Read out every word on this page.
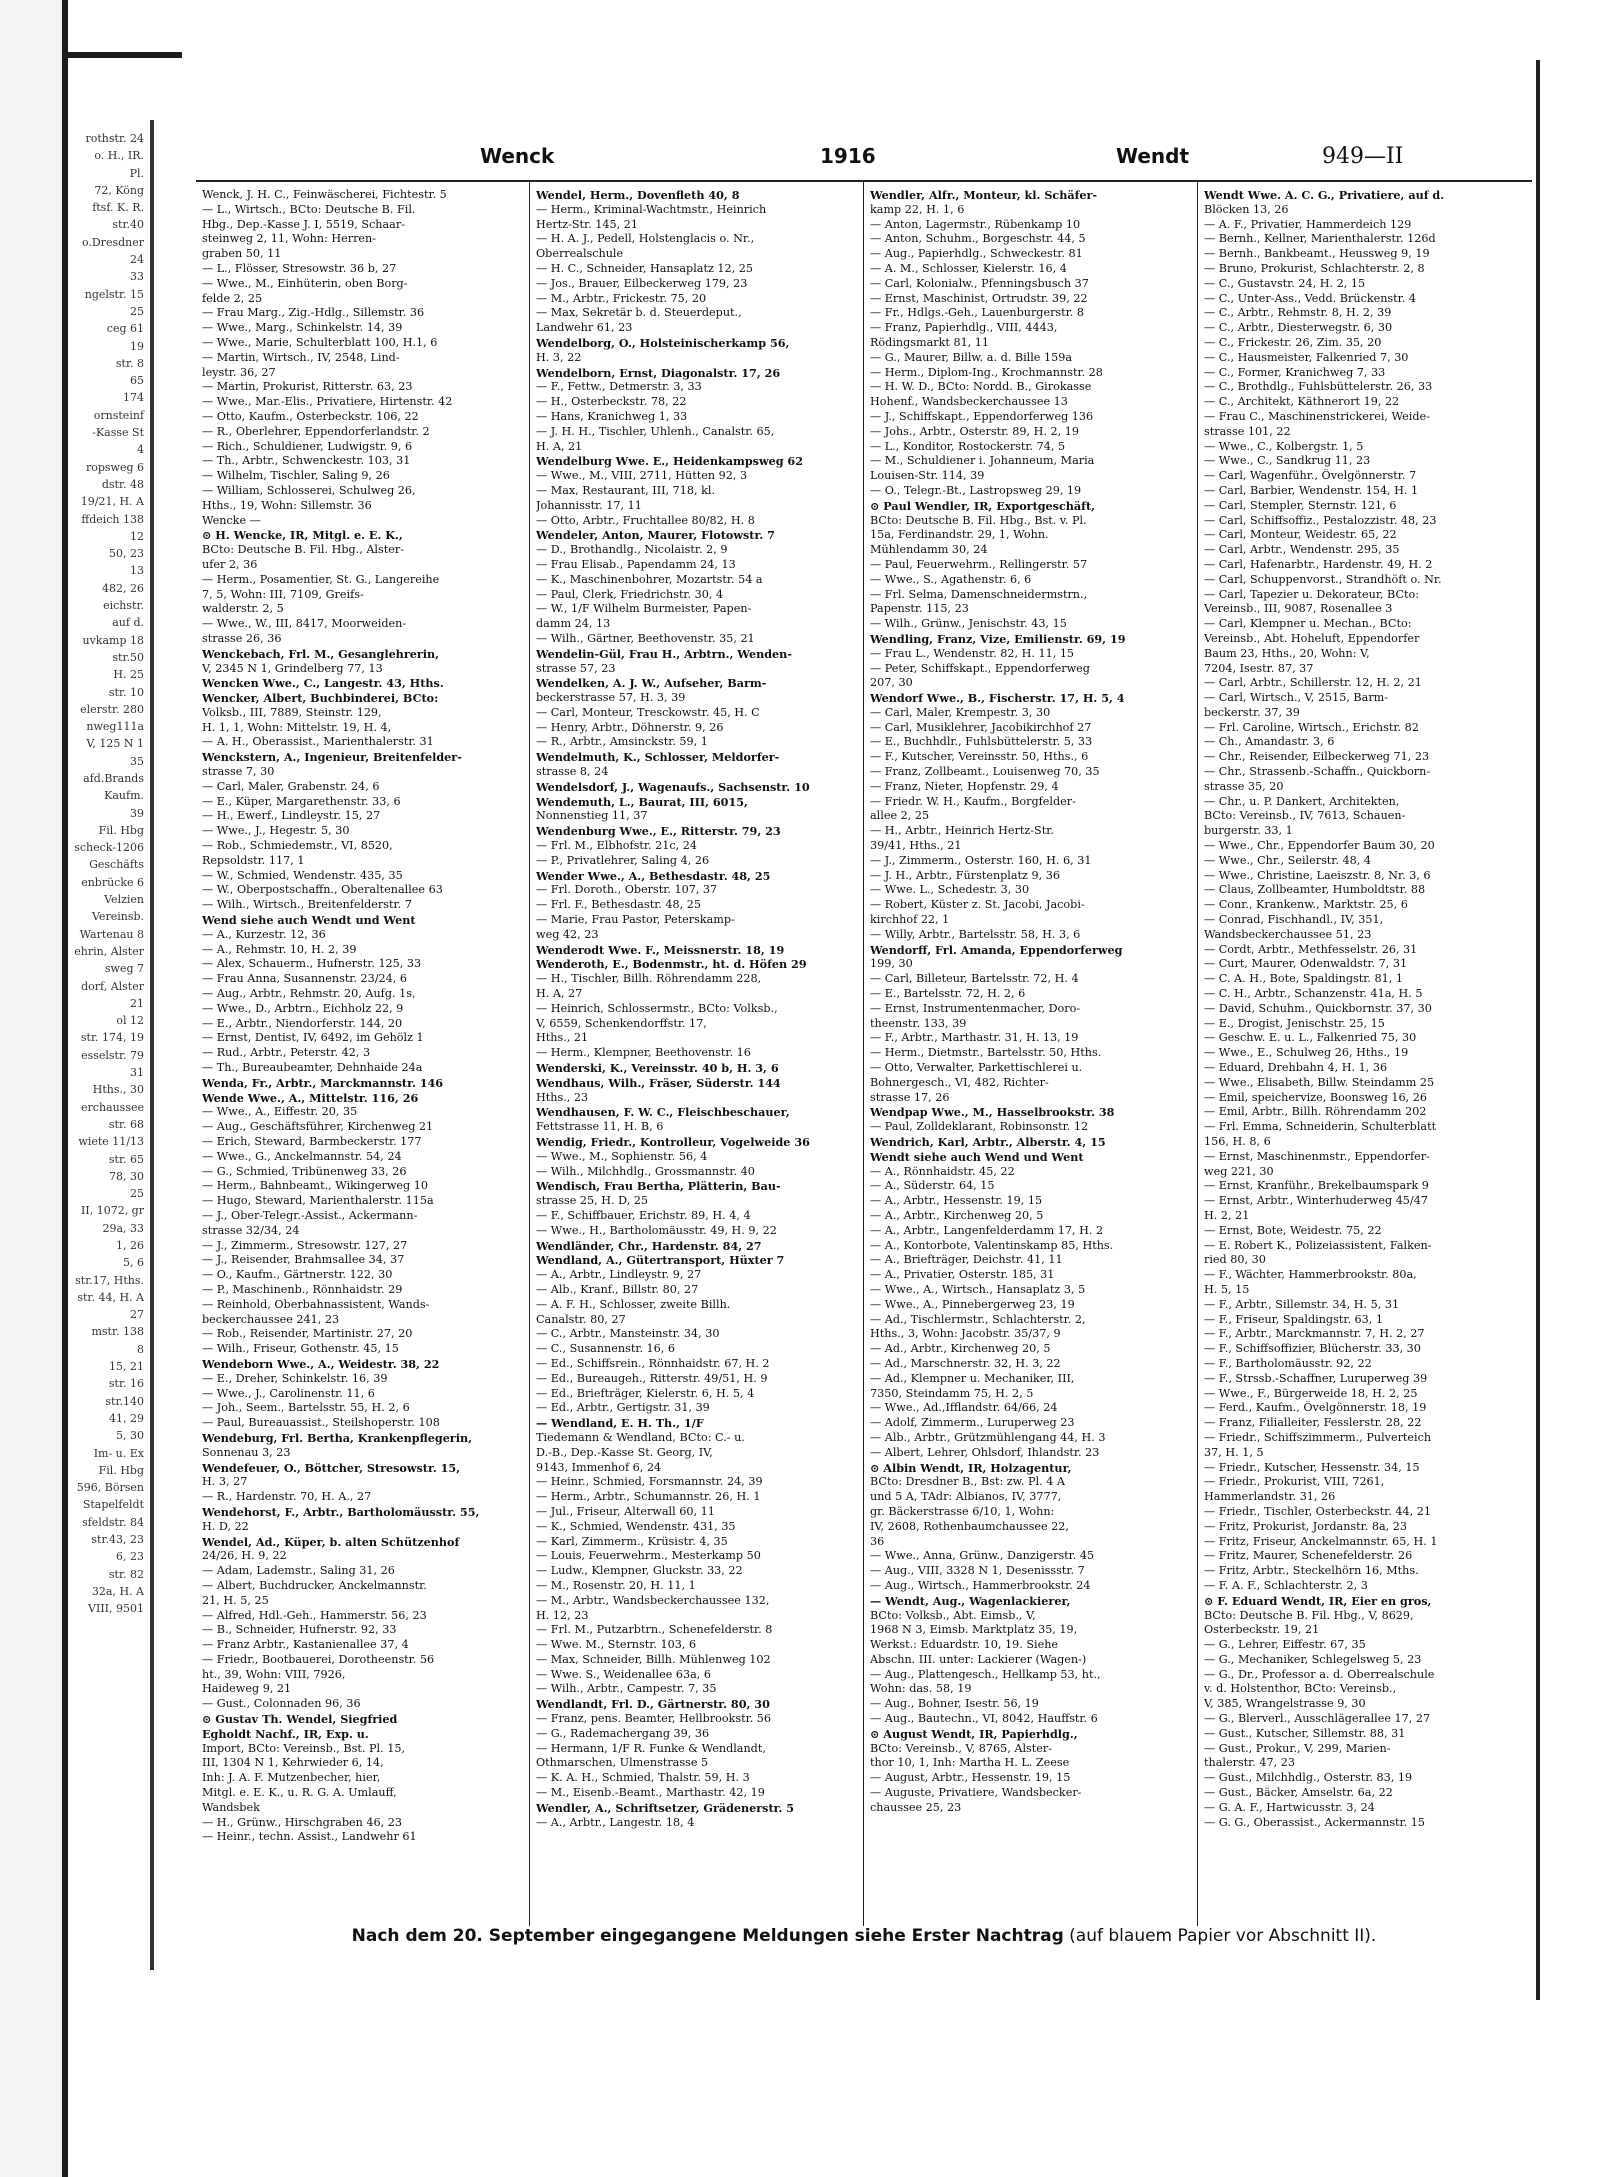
rothstr. 24
o. H., IR.
Pl.
72, Köng
ftsf. K. R.
str.40
o.Dresdner
24
33
ngelstr. 15
25
ceg 61
19
str. 8
65
174
ornsteinf
-Kasse St
4
ropsweg 6
dstr. 48
19/21, H. A
ffdeich 138
12
50, 23
13
482, 26
eichstr.
auf d.
uvkamp 18
str.50
H. 25
str. 10
elerstr. 280
nweg111a
V, 125 N 1
35
afd.Brands
Kaufm.
39
Fil. Hbg
scheck-1206
Geschäfts
enbrücke 6
Velzien
Vereinsb.
Wartenau 8
ehrin, Alster
sweg 7
dorf, Alster
21
ol 12
str. 174, 19
esselstr. 79
31
Hths., 30
erchaussee
str. 68
wiete 11/13
str. 65
78, 30
25
II, 1072, gr
29a, 33
1, 26
5, 6
str.17, Hths.
str. 44, H. A
27
mstr. 138
8
15, 21
str. 16
str.140
41, 29
5, 30
Im- u. Ex
Fil. Hbg
596, Börsen
Stapelfeldt
sfeldstr. 84
str.43, 23
6, 23
str. 82
32a, H. A
VIII, 9501
Wenck	1916	Wendt	949—II
Wenck, J. H. C., Feinwäscherei, Fichtestr. 5
— L., Wirtsch., BCto: Deutsche B. Fil.
Hbg., Dep.-Kasse J. I, 5519, Schaar-
steinweg 2, 11, Wohn: Herren-
graben 50, 11
— L., Flösser, Stresowstr. 36 b, 27
— Wwe., M., Einhüterin, oben Borg-
felde 2, 25
— Frau Marg., Zig.-Hdlg., Sillemstr. 36
— Wwe., Marg., Schinkelstr. 14, 39
— Wwe., Marie, Schulterblatt 100, H.1, 6
— Martin, Wirtsch., IV, 2548, Lind-
leystr. 36, 27
— Martin, Prokurist, Ritterstr. 63, 23
— Wwe., Mar.-Elis., Privatiere, Hirtenstr. 42
— Otto, Kaufm., Osterbeckstr. 106, 22
— R., Oberlehrer, Eppendorferlandstr. 2
— Rich., Schuldiener, Ludwigstr. 9, 6
— Th., Arbtr., Schwenckestr. 103, 31
— Wilhelm, Tischler, Saling 9, 26
— William, Schlosserei, Schulweg 26,
Hths., 19, Wohn: Sillemstr. 36
Wencke —
⊙ H. Wencke, IR, Mitgl. e. E. K.,
BCto: Deutsche B. Fil. Hbg., Alster-
ufer 2, 36
— Herm., Posamentier, St. G., Langereihe
7, 5, Wohn: III, 7109, Greifs-
walderstr. 2, 5
— Wwe., W., III, 8417, Moorweiden-
strasse 26, 36
Wenckebach, Frl. M., Gesanglehrerin,
V, 2345 N 1, Grindelberg 77, 13
Wencken Wwe., C., Langestr. 43, Hths.
Wencker, Albert, Buchbinderei, BCto:
Volksb., III, 7889, Steinstr. 129,
H. 1, 1, Wohn: Mittelstr. 19, H. 4,
— A. H., Oberassist., Marienthalerstr. 31
Wenckstern, A., Ingenieur, Breitenfelder-
strasse 7, 30
— Carl, Maler, Grabenstr. 24, 6
— E., Küper, Margarethenstr. 33, 6
— H., Ewerf., Lindleystr. 15, 27
— Wwe., J., Hegestr. 5, 30
— Rob., Schmiedemstr., VI, 8520,
Repsoldstr. 117, 1
— W., Schmied, Wendenstr. 435, 35
— W., Oberpostschaffn., Oberaltenallee 63
— Wilh., Wirtsch., Breitenfelderstr. 7
Wend siehe auch Wendt und Went
— A., Kurzestr. 12, 36
— A., Rehmstr. 10, H. 2, 39
— Alex, Schauerm., Hufnerstr. 125, 33
— Frau Anna, Susannenstr. 23/24, 6
— Aug., Arbtr., Rehmstr. 20, Aufg. 1s,
— Wwe., D., Arbtrn., Eichholz 22, 9
— E., Arbtr., Niendorferstr. 144, 20
— Ernst, Dentist, IV, 6492, im Gehölz 1
— Rud., Arbtr., Peterstr. 42, 3
— Th., Bureaubeamter, Dehnhaide 24a
Wenda, Fr., Arbtr., Marckmannstr. 146
Wende Wwe., A., Mittelstr. 116, 26
— Wwe., A., Eiffestr. 20, 35
— Aug., Geschäftsführer, Kirchenweg 21
— Erich, Steward, Barmbeckerstr. 177
— Wwe., G., Anckelmannstr. 54, 24
— G., Schmied, Tribünenweg 33, 26
— Herm., Bahnbeamt., Wikingerweg 10
— Hugo, Steward, Marienthalerstr. 115a
— J., Ober-Telegr.-Assist., Ackermann-
strasse 32/34, 24
— J., Zimmerm., Stresowstr. 127, 27
— J., Reisender, Brahmsallee 34, 37
— O., Kaufm., Gärtnerstr. 122, 30
— P., Maschinenb., Rönnhaidstr. 29
— Reinhold, Oberbahnassistent, Wands-
beckerchaussee 241, 23
— Rob., Reisender, Martinistr. 27, 20
— Wilh., Friseur, Gothenstr. 45, 15
Wendeborn Wwe., A., Weidestr. 38, 22
— E., Dreher, Schinkelstr. 16, 39
— Wwe., J., Carolinenstr. 11, 6
— Joh., Seem., Bartelsstr. 55, H. 2, 6
— Paul, Bureauassist., Steilshoperstr. 108
Wendeburg, Frl. Bertha, Krankenpflegerin,
Sonnenau 3, 23
Wendefeuer, O., Böttcher, Stresowstr. 15,
H. 3, 27
— R., Hardenstr. 70, H. A., 27
Wendehorst, F., Arbtr., Bartholomäusstr. 55,
H. D, 22
Wendel, Ad., Küper, b. alten Schützenhof
24/26, H. 9, 22
— Adam, Lademstr., Saling 31, 26
— Albert, Buchdrucker, Anckelmannstr.
21, H. 5, 25
— Alfred, Hdl.-Geh., Hammerstr. 56, 23
— B., Schneider, Hufnerstr. 92, 33
— Franz Arbtr., Kastanienallee 37, 4
— Friedr., Bootbauerei, Dorotheenstr. 56
ht., 39, Wohn: VIII, 7926,
Haideweg 9, 21
— Gust., Colonnaden 96, 36
⊙ Gustav Th. Wendel, Siegfried
Egholdt Nachf., IR, Exp. u.
Import, BCto: Vereinsb., Bst. Pl. 15,
III, 1304 N 1, Kehrwieder 6, 14,
Inh: J. A. F. Mutzenbecher, hier,
Mitgl. e. E. K., u. R. G. A. Umlauff,
Wandsbek
— H., Grünw., Hirschgraben 46, 23
— Heinr., techn. Assist., Landwehr 61
Wendel, Herm., Dovenfleth 40, 8
— Herm., Kriminal-Wachtmstr., Heinrich
Hertz-Str. 145, 21
— H. A. J., Pedell, Holstenglacis o. Nr.,
Oberrealschule
— H. C., Schneider, Hansaplatz 12, 25
— Jos., Brauer, Eilbeckerweg 179, 23
— M., Arbtr., Frickestr. 75, 20
— Max, Sekretär b. d. Steuerdeput.,
Landwehr 61, 23
Wendelborg, O., Holsteinischerkamp 56,
H. 3, 22
Wendelborn, Ernst, Diagonalstr. 17, 26
— F., Fettw., Detmerstr. 3, 33
— H., Osterbeckstr. 78, 22
— Hans, Kranichweg 1, 33
— J. H. H., Tischler, Uhlenh., Canalstr. 65,
H. A, 21
Wendelburg Wwe. E., Heidenkampsweg 62
— Wwe., M., VIII, 2711, Hütten 92, 3
— Max, Restaurant, III, 718, kl.
Johannisstr. 17, 11
— Otto, Arbtr., Fruchtallee 80/82, H. 8
Wendeler, Anton, Maurer, Flotowstr. 7
— D., Brothandlg., Nicolaistr. 2, 9
— Frau Elisab., Papendamm 24, 13
— K., Maschinenbohrer, Mozartstr. 54 a
— Paul, Clerk, Friedrichstr. 30, 4
— W., 1/F Wilhelm Burmeister, Papen-
damm 24, 13
— Wilh., Gärtner, Beethovenstr. 35, 21
Wendelin-Gül, Frau H., Arbtrn., Wenden-
strasse 57, 23
Wendelken, A. J. W., Aufseher, Barm-
beckerstrasse 57, H. 3, 39
— Carl, Monteur, Tresckowstr. 45, H. C
— Henry, Arbtr., Döhnerstr. 9, 26
— R., Arbtr., Amsinckstr. 59, 1
Wendelmuth, K., Schlosser, Meldorfer-
strasse 8, 24
Wendelsdorf, J., Wagenaufs., Sachsenstr. 10
Wendemuth, L., Baurat, III, 6015,
Nonnenstieg 11, 37
Wendenburg Wwe., E., Ritterstr. 79, 23
— Frl. M., Elbhofstr. 21c, 24
— P., Privatlehrer, Saling 4, 26
Wender Wwe., A., Bethesdastr. 48, 25
— Frl. Doroth., Oberstr. 107, 37
— Frl. F., Bethesdastr. 48, 25
— Marie, Frau Pastor, Peterskamp-
weg 42, 23
Wenderodt Wwe. F., Meissnerstr. 18, 19
Wenderoth, E., Bodenmstr., ht. d. Höfen 29
— H., Tischler, Billh. Röhrendamm 228,
H. A, 27
— Heinrich, Schlossermstr., BCto: Volksb.,
V, 6559, Schenkendorffstr. 17,
Hths., 21
— Herm., Klempner, Beethovenstr. 16
Wenderski, K., Vereinsstr. 40 b, H. 3, 6
Wendhaus, Wilh., Fräser, Süderstr. 144
Hths., 23
Wendhausen, F. W. C., Fleischbeschauer,
Fettstrasse 11, H. B, 6
Wendig, Friedr., Kontrolleur, Vogelweide 36
— Wwe., M., Sophienstr. 56, 4
— Wilh., Milchhdlg., Grossmannstr. 40
Wendisch, Frau Bertha, Plätterin, Bau-
strasse 25, H. D, 25
— F., Schiffbauer, Erichstr. 89, H. 4, 4
— Wwe., H., Bartholomäusstr. 49, H. 9, 22
Wendländer, Chr., Hardenstr. 84, 27
Wendland, A., Gütertransport, Hüxter 7
— A., Arbtr., Lindleystr. 9, 27
— Alb., Kranf., Billstr. 80, 27
— A. F. H., Schlosser, zweite Billh.
Canalstr. 80, 27
— C., Arbtr., Mansteinstr. 34, 30
— C., Susannenstr. 16, 6
— Ed., Schiffsrein., Rönnhaidstr. 67, H. 2
— Ed., Bureaugeh., Ritterstr. 49/51, H. 9
— Ed., Briefträger, Kielerstr. 6, H. 5, 4
— Ed., Arbtr., Gertigstr. 31, 39
— Wendland, E. H. Th., 1/F
Tiedemann & Wendland, BCto: C.- u.
D.-B., Dep.-Kasse St. Georg, IV,
9143, Immenhof 6, 24
— Heinr., Schmied, Forsmannstr. 24, 39
— Herm., Arbtr., Schumannstr. 26, H. 1
— Jul., Friseur, Alterwall 60, 11
— K., Schmied, Wendenstr. 431, 35
— Karl, Zimmerm., Krüsistr. 4, 35
— Louis, Feuerwehrm., Mesterkamp 50
— Ludw., Klempner, Gluckstr. 33, 22
— M., Rosenstr. 20, H. 11, 1
— M., Arbtr., Wandsbeckerchaussee 132,
H. 12, 23
— Frl. M., Putzarbtrn., Schenefelderstr. 8
— Wwe. M., Sternstr. 103, 6
— Max, Schneider, Billh. Mühlenweg 102
— Wwe. S., Weidenallee 63a, 6
— Wilh., Arbtr., Campestr. 7, 35
Wendlandt, Frl. D., Gärtnerstr. 80, 30
— Franz, pens. Beamter, Hellbrookstr. 56
— G., Rademachergang 39, 36
— Hermann, 1/F R. Funke & Wendlandt,
Othmarschen, Ulmenstrasse 5
— K. A. H., Schmied, Thalstr. 59, H. 3
— M., Eisenb.-Beamt., Marthastr. 42, 19
Wendler, A., Schriftsetzer, Grädenerstr. 5
— A., Arbtr., Langestr. 18, 4
Wendler, Alfr., Monteur, kl. Schäfer-
kamp 22, H. 1, 6
— Anton, Lagermstr., Rübenkamp 10
— Anton, Schuhm., Borgeschstr. 44, 5
— Aug., Papierhdlg., Schweckestr. 81
— A. M., Schlosser, Kielerstr. 16, 4
— Carl, Kolonialw., Pfenningsbusch 37
— Ernst, Maschinist, Ortrudstr. 39, 22
— Fr., Hdlgs.-Geh., Lauenburgerstr. 8
— Franz, Papierhdlg., VIII, 4443,
Rödingsmarkt 81, 11
— G., Maurer, Billw. a. d. Bille 159a
— Herm., Diplom-Ing., Krochmannstr. 28
— H. W. D., BCto: Nordd. B., Girokasse
Hohenf., Wandsbeckerchaussee 13
— J., Schiffskapt., Eppendorferweg 136
— Johs., Arbtr., Osterstr. 89, H. 2, 19
— L., Konditor, Rostockerstr. 74, 5
— M., Schuldiener i. Johanneum, Maria
Louisen-Str. 114, 39
— O., Telegr.-Bt., Lastropsweg 29, 19
⊙ Paul Wendler, IR, Exportgeschäft,
BCto: Deutsche B. Fil. Hbg., Bst. v. Pl.
15a, Ferdinandstr. 29, 1, Wohn.
Mühlendamm 30, 24
— Paul, Feuerwehrm., Rellingerstr. 57
— Wwe., S., Agathenstr. 6, 6
— Frl. Selma, Damenschneidermstrn.,
Papenstr. 115, 23
— Wilh., Grünw., Jenischstr. 43, 15
Wendling, Franz, Vize, Emilienstr. 69, 19
— Frau L., Wendenstr. 82, H. 11, 15
— Peter, Schiffskapt., Eppendorferweg
207, 30
Wendorf Wwe., B., Fischerstr. 17, H. 5, 4
— Carl, Maler, Krempestr. 3, 30
— Carl, Musiklehrer, Jacobikirchhof 27
— E., Buchhdlr., Fuhlsbüttelerstr. 5, 33
— F., Kutscher, Vereinsstr. 50, Hths., 6
— Franz, Zollbeamt., Louisenweg 70, 35
— Franz, Nieter, Hopfenstr. 29, 4
— Friedr. W. H., Kaufm., Borgfelder-
allee 2, 25
— H., Arbtr., Heinrich Hertz-Str.
39/41, Hths., 21
— J., Zimmerm., Osterstr. 160, H. 6, 31
— J. H., Arbtr., Fürstenplatz 9, 36
— Wwe. L., Schedestr. 3, 30
— Robert, Küster z. St. Jacobi, Jacobi-
kirchhof 22, 1
— Willy, Arbtr., Bartelsstr. 58, H. 3, 6
Wendorff, Frl. Amanda, Eppendorferweg
199, 30
— Carl, Billeteur, Bartelsstr. 72, H. 4
— E., Bartelsstr. 72, H. 2, 6
— Ernst, Instrumentenmacher, Doro-
theenstr. 133, 39
— F., Arbtr., Marthastr. 31, H. 13, 19
— Herm., Dietmstr., Bartelsstr. 50, Hths.
— Otto, Verwalter, Parkettischlerei u.
Bohnergesch., VI, 482, Richter-
strasse 17, 26
Wendpap Wwe., M., Hasselbrookstr. 38
— Paul, Zolldeklarant, Robinsonstr. 12
Wendrich, Karl, Arbtr., Alberstr. 4, 15
Wendt siehe auch Wend und Went
— A., Rönnhaidstr. 45, 22
— A., Süderstr. 64, 15
— A., Arbtr., Hessenstr. 19, 15
— A., Arbtr., Kirchenweg 20, 5
— A., Arbtr., Langenfelderdamm 17, H. 2
— A., Kontorbote, Valentinskamp 85, Hths.
— A., Briefträger, Deichstr. 41, 11
— A., Privatier, Osterstr. 185, 31
— Wwe., A., Wirtsch., Hansaplatz 3, 5
— Wwe., A., Pinnebergerweg 23, 19
— Ad., Tischlermstr., Schlachterstr. 2,
Hths., 3, Wohn: Jacobstr. 35/37, 9
— Ad., Arbtr., Kirchenweg 20, 5
— Ad., Marschnerstr. 32, H. 3, 22
— Ad., Klempner u. Mechaniker, III,
7350, Steindamm 75, H. 2, 5
— Wwe., Ad.,Ifflandstr. 64/66, 24
— Adolf, Zimmerm., Luruperweg 23
— Alb., Arbtr., Grützmühlengang 44, H. 3
— Albert, Lehrer, Ohlsdorf, Ihlandstr. 23
⊙ Albin Wendt, IR, Holzagentur,
BCto: Dresdner B., Bst: zw. Pl. 4 A
und 5 A, TAdr: Albianos, IV, 3777,
gr. Bäckerstrasse 6/10, 1, Wohn:
IV, 2608, Rothenbaumchaussee 22,
36
— Wwe., Anna, Grünw., Danzigerstr. 45
— Aug., VIII, 3328 N 1, Desenissstr. 7
— Aug., Wirtsch., Hammerbrookstr. 24
— Wendt, Aug., Wagenlackierer,
BCto: Volksb., Abt. Eimsb., V,
1968 N 3, Eimsb. Marktplatz 35, 19,
Werkst.: Eduardstr. 10, 19. Siehe
Abschn. III. unter: Lackierer (Wagen-)
— Aug., Plattengesch., Hellkamp 53, ht.,
Wohn: das. 58, 19
— Aug., Bohner, Isestr. 56, 19
— Aug., Bautechn., VI, 8042, Hauffstr. 6
⊙ August Wendt, IR, Papierhdlg.,
BCto: Vereinsb., V, 8765, Alster-
thor 10, 1, Inh: Martha H. L. Zeese
— August, Arbtr., Hessenstr. 19, 15
— Auguste, Privatiere, Wandsbecker-
chaussee 25, 23
Wendt Wwe. A. C. G., Privatiere, auf d.
Blöcken 13, 26
— A. F., Privatier, Hammerdeich 129
— Bernh., Kellner, Marienthalerstr. 126d
— Bernh., Bankbeamt., Heussweg 9, 19
— Bruno, Prokurist, Schlachterstr. 2, 8
— C., Gustavstr. 24, H. 2, 15
— C., Unter-Ass., Vedd. Brückenstr. 4
— C., Arbtr., Rehmstr. 8, H. 2, 39
— C., Arbtr., Diesterwegstr. 6, 30
— C., Frickestr. 26, Zim. 35, 20
— C., Hausmeister, Falkenried 7, 30
— C., Former, Kranichweg 7, 33
— C., Brothdlg., Fuhlsbüttelerstr. 26, 33
— C., Architekt, Käthnerort 19, 22
— Frau C., Maschinenstrickerei, Weide-
strasse 101, 22
— Wwe., C., Kolbergstr. 1, 5
— Wwe., C., Sandkrug 11, 23
— Carl, Wagenführ., Övelgönnerstr. 7
— Carl, Barbier, Wendenstr. 154, H. 1
— Carl, Stempler, Sternstr. 121, 6
— Carl, Schiffsoffiz., Pestalozzistr. 48, 23
— Carl, Monteur, Weidestr. 65, 22
— Carl, Arbtr., Wendenstr. 295, 35
— Carl, Hafenarbtr., Hardenstr. 49, H. 2
— Carl, Schuppenvorst., Strandhöft o. Nr.
— Carl, Tapezier u. Dekorateur, BCto:
Vereinsb., III, 9087, Rosenallee 3
— Carl, Klempner u. Mechan., BCto:
Vereinsb., Abt. Hoheluft, Eppendorfer
Baum 23, Hths., 20, Wohn: V,
7204, Isestr. 87, 37
— Carl, Arbtr., Schillerstr. 12, H. 2, 21
— Carl, Wirtsch., V, 2515, Barm-
beckerstr. 37, 39
— Frl. Caroline, Wirtsch., Erichstr. 82
— Ch., Amandastr. 3, 6
— Chr., Reisender, Eilbeckerweg 71, 23
— Chr., Strassenb.-Schaffn., Quickborn-
strasse 35, 20
— Chr., u. P. Dankert, Architekten,
BCto: Vereinsb., IV, 7613, Schauen-
burgerstr. 33, 1
— Wwe., Chr., Eppendorfer Baum 30, 20
— Wwe., Chr., Seilerstr. 48, 4
— Wwe., Christine, Laeiszstr. 8, Nr. 3, 6
— Claus, Zollbeamter, Humboldtstr. 88
— Conr., Krankenw., Marktstr. 25, 6
— Conrad, Fischhandl., IV, 351,
Wandsbeckerchaussee 51, 23
— Cordt, Arbtr., Methfesselstr. 26, 31
— Curt, Maurer, Odenwaldstr. 7, 31
— C. A. H., Bote, Spaldingstr. 81, 1
— C. H., Arbtr., Schanzenstr. 41a, H. 5
— David, Schuhm., Quickbornstr. 37, 30
— E., Drogist, Jenischstr. 25, 15
— Geschw. E. u. L., Falkenried 75, 30
— Wwe., E., Schulweg 26, Hths., 19
— Eduard, Drehbahn 4, H. 1, 36
— Wwe., Elisabeth, Billw. Steindamm 25
— Emil, speichervize, Boonsweg 16, 26
— Emil, Arbtr., Billh. Röhrendamm 202
— Frl. Emma, Schneiderin, Schulterblatt
156, H. 8, 6
— Ernst, Maschinenmstr., Eppendorfer-
weg 221, 30
— Ernst, Kranführ., Brekelbaumspark 9
— Ernst, Arbtr., Winterhuderweg 45/47
H. 2, 21
— Ernst, Bote, Weidestr. 75, 22
— E. Robert K., Polizeiassistent, Falken-
ried 80, 30
— F., Wächter, Hammerbrookstr. 80a,
H. 5, 15
— F., Arbtr., Sillemstr. 34, H. 5, 31
— F., Friseur, Spaldingstr. 63, 1
— F., Arbtr., Marckmannstr. 7, H. 2, 27
— F., Schiffsoffizier, Blücherstr. 33, 30
— F., Bartholomäusstr. 92, 22
— F., Strssb.-Schaffner, Luruperweg 39
— Wwe., F., Bürgerweide 18, H. 2, 25
— Ferd., Kaufm., Övelgönnerstr. 18, 19
— Franz, Filialleiter, Fesslerstr. 28, 22
— Friedr., Schiffszimmerm., Pulverteich
37, H. 1, 5
— Friedr., Kutscher, Hessenstr. 34, 15
— Friedr., Prokurist, VIII, 7261,
Hammerlandstr. 31, 26
— Friedr., Tischler, Osterbeckstr. 44, 21
— Fritz, Prokurist, Jordanstr. 8a, 23
— Fritz, Friseur, Anckelmannstr. 65, H. 1
— Fritz, Maurer, Schenefelderstr. 26
— Fritz, Arbtr., Steckelhörn 16, Mths.
— F. A. F., Schlachterstr. 2, 3
⊙ F. Eduard Wendt, IR, Eier en gros,
BCto: Deutsche B. Fil. Hbg., V, 8629,
Osterbeckstr. 19, 21
— G., Lehrer, Eiffestr. 67, 35
— G., Mechaniker, Schlegelsweg 5, 23
— G., Dr., Professor a. d. Oberrealschule
v. d. Holstenthor, BCto: Vereinsb.,
V, 385, Wrangelstrasse 9, 30
— G., Blerverl., Ausschlägerallee 17, 27
— Gust., Kutscher, Sillemstr. 88, 31
— Gust., Prokur., V, 299, Marien-
thalerstr. 47, 23
— Gust., Milchhdlg., Osterstr. 83, 19
— Gust., Bäcker, Amselstr. 6a, 22
— G. A. F., Hartwicusstr. 3, 24
— G. G., Oberassist., Ackermannstr. 15
Nach dem 20. September eingegangene Meldungen siehe Erster Nachtrag (auf blauem Papier vor Abschnitt II).
